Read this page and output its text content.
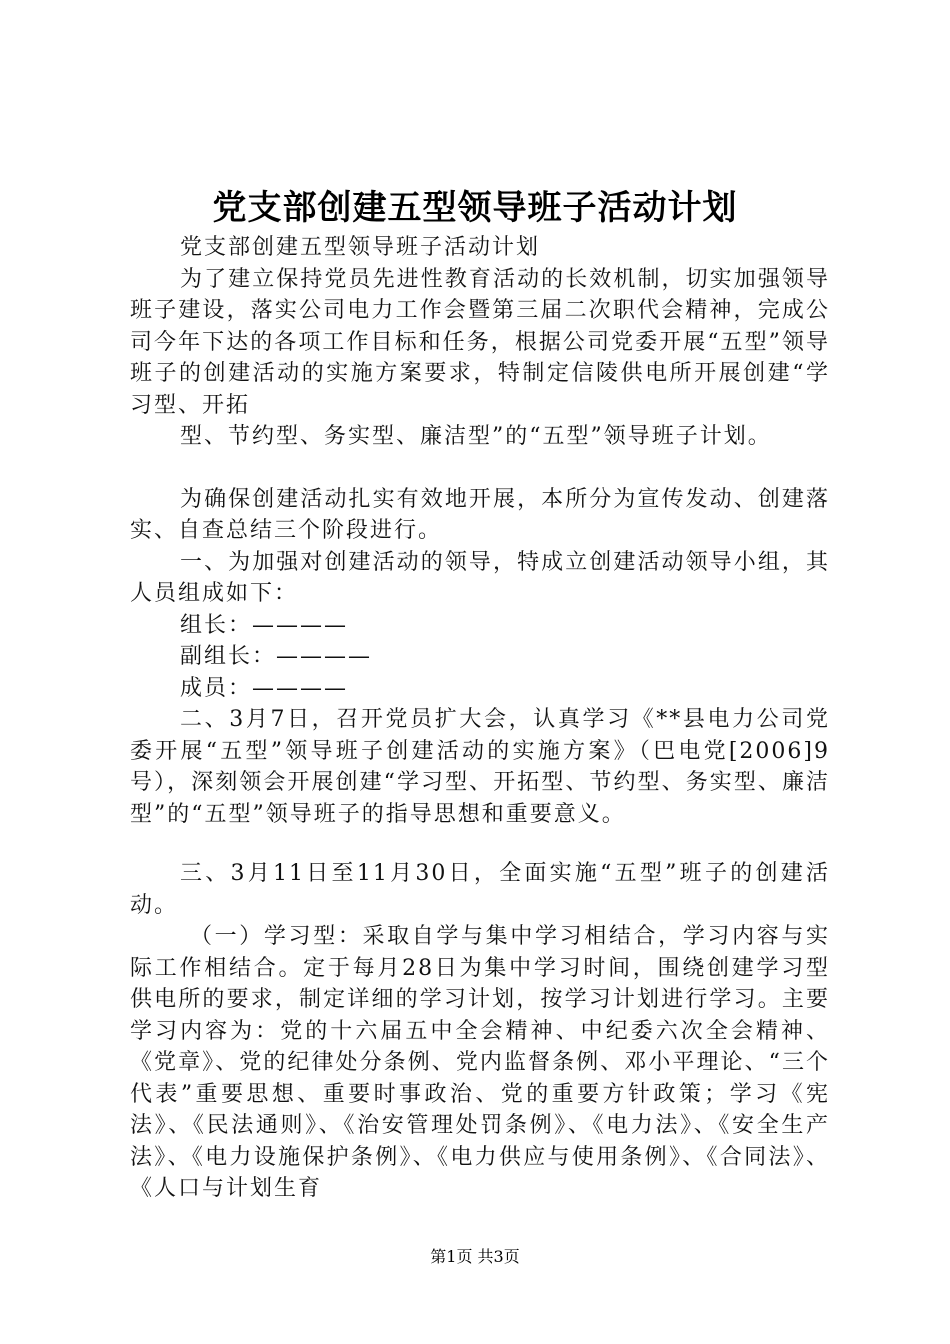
党支部创建五型领导班子活动计划

党支部创建五型领导班子活动计划

为了建立保持党员先进性教育活动的长效机制，切实加强领导班子建设，落实公司电力工作会暨第三届二次职代会精神，完成公司今年下达的各项工作目标和任务，根据公司党委开展“五型”领导班子的创建活动的实施方案要求，特制定信陵供电所开展创建“学习型、开拓

型、节约型、务实型、廉洁型”的“五型”领导班子计划。

为确保创建活动扎实有效地开展，本所分为宣传发动、创建落实、自查总结三个阶段进行。

一、为加强对创建活动的领导，特成立创建活动领导小组，其人员组成如下：

组长：————

副组长：————

成员：————

二、3月7日，召开党员扩大会，认真学习《**县电力公司党委开展“五型”领导班子创建活动的实施方案》（巴电党[2006]9号），深刻领会开展创建“学习型、开拓型、节约型、务实型、廉洁型”的“五型”领导班子的指导思想和重要意义。

三、3月11日至11月30日，全面实施“五型”班子的创建活动。

（一）学习型：采取自学与集中学习相结合，学习内容与实际工作相结合。定于每月28日为集中学习时间，围绕创建学习型供电所的要求，制定详细的学习计划，按学习计划进行学习。主要学习内容为：党的十六届五中全会精神、中纪委六次全会精神、《党章》、党的纪律处分条例、党内监督条例、邓小平理论、“三个代表”重要思想、重要时事政治、党的重要方针政策；学习《宪法》、《民法通则》、《治安管理处罚条例》、《电力法》、《安全生产法》、《电力设施保护条例》、《电力供应与使用条例》、《合同法》、《人口与计划生育

第1页 共3页
